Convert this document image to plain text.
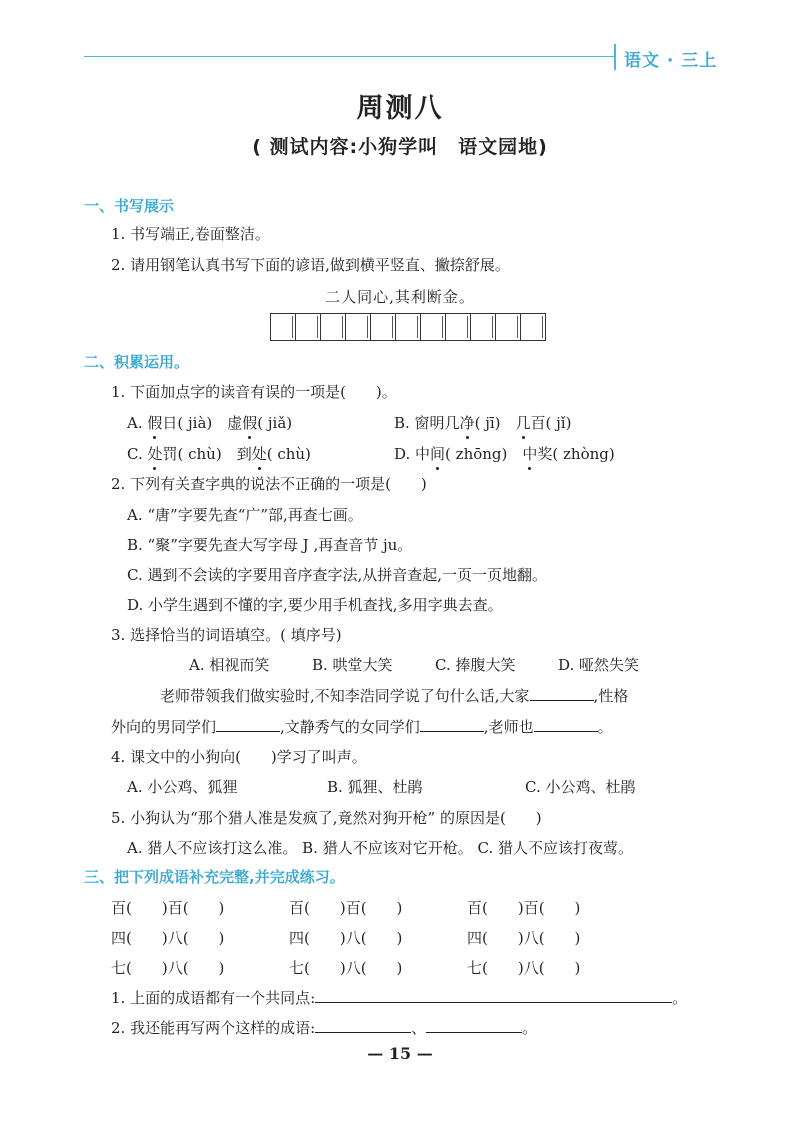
语文 · 三上
周测八
( 测试内容:小狗学叫　语文园地)
一、书写展示
1. 书写端正,卷面整洁。
2. 请用钢笔认真书写下面的谚语,做到横平竖直、撇捺舒展。
二人同心,其利断金。
二、积累运用。
1. 下面加点字的读音有误的一项是(　　)。
A. 假日( jià)　虚假( jiǎ)	B. 窗明几净( jī)　几百( jǐ)
C. 处罚( chù)　到处( chù)	D. 中间( zhōng)　中奖( zhòng)
2. 下列有关查字典的说法不正确的一项是(　　)
A. “唐”字要先查“广”部,再查七画。
B. “聚”字要先查大写字母 J ,再查音节 ju。
C. 遇到不会读的字要用音序查字法,从拼音查起,一页一页地翻。
D. 小学生遇到不懂的字,要少用手机查找,多用字典去查。
3. 选择恰当的词语填空。( 填序号)
A. 相视而笑	B. 哄堂大笑	C. 捧腹大笑	D. 哑然失笑
老师带领我们做实验时,不知李浩同学说了句什么话,大家	,性格
外向的男同学们	,文静秀气的女同学们	,老师也	。
4. 课文中的小狗向(　　)学习了叫声。
A. 小公鸡、狐狸	B. 狐狸、杜鹃	C. 小公鸡、杜鹃
5. 小狗认为“那个猎人准是发疯了,竟然对狗开枪” 的原因是(　　)
A. 猎人不应该打这么准。 B. 猎人不应该对它开枪。 C. 猎人不应该打夜莺。
三、把下列成语补充完整,并完成练习。
百(　　)百(　　)	百(　　)百(　　)	百(　　)百(　　)
四(　　)八(　　)	四(　　)八(　　)	四(　　)八(　　)
七(　　)八(　　)	七(　　)八(　　)	七(　　)八(　　)
1. 上面的成语都有一个共同点:	。
2. 我还能再写两个这样的成语:	、	。
— 15 —
